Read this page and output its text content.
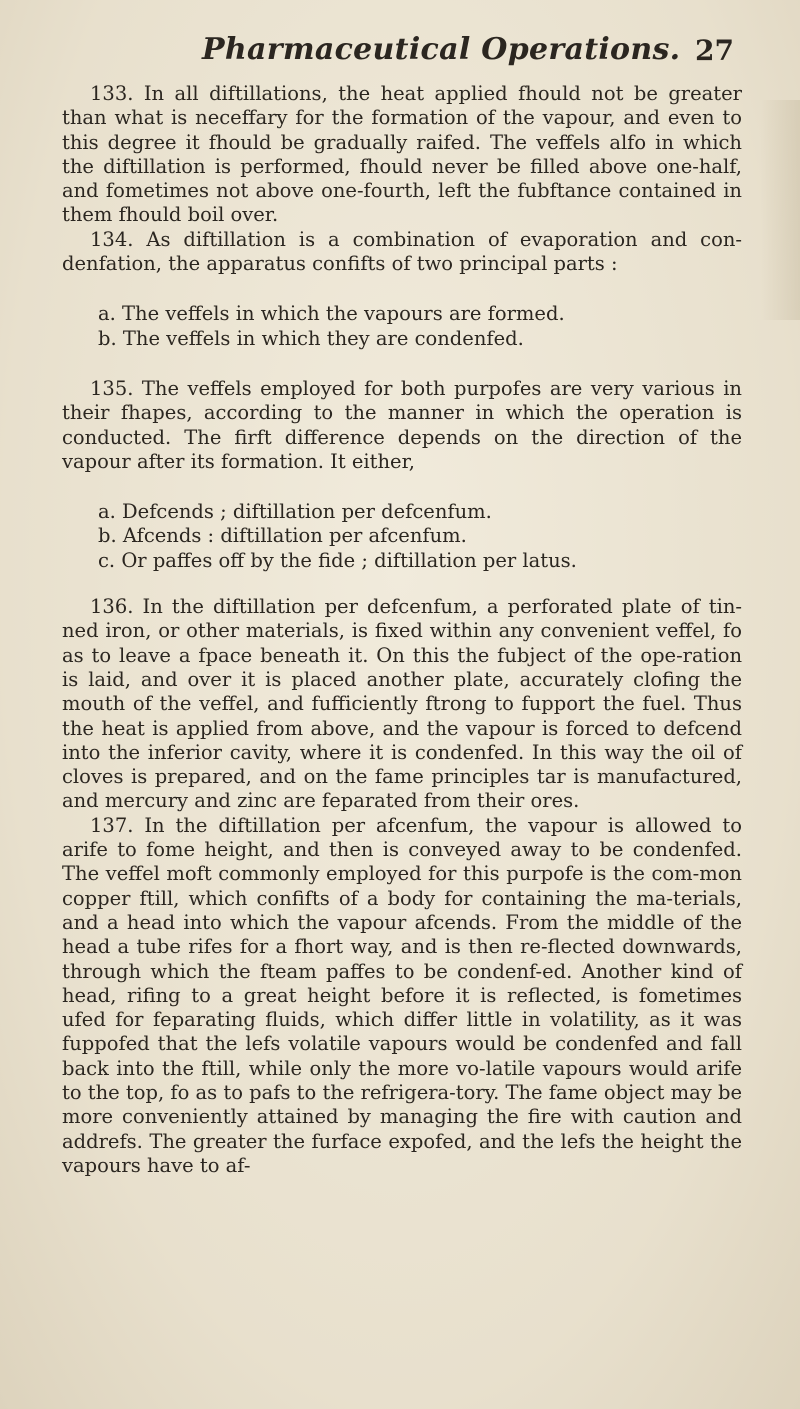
Pharmaceutical Operations. 27

133. In all diftillations, the heat applied fhould not be greater than what is neceffary for the formation of the vapour, and even to this degree it fhould be gradually raifed. The veffels alfo in which the diftillation is performed, fhould never be filled above one-half, and fometimes not above one-fourth, left the fubftance contained in them fhould boil over.

134. As diftillation is a combination of evaporation and con-denfation, the apparatus confifts of two principal parts :

a. The veffels in which the vapours are formed.
b. The veffels in which they are condenfed.

135. The veffels employed for both purpofes are very various in their fhapes, according to the manner in which the operation is conducted. The firft difference depends on the direction of the vapour after its formation. It either,

a. Defcends ; diftillation per defcenfum.
b. Afcends : diftillation per afcenfum.
c. Or paffes off by the fide ; diftillation per latus.

136. In the diftillation per defcenfum, a perforated plate of tin-ned iron, or other materials, is fixed within any convenient veffel, fo as to leave a fpace beneath it. On this the fubject of the ope-ration is laid, and over it is placed another plate, accurately clofing the mouth of the veffel, and fufficiently ftrong to fupport the fuel. Thus the heat is applied from above, and the vapour is forced to defcend into the inferior cavity, where it is condenfed. In this way the oil of cloves is prepared, and on the fame principles tar is manufactured, and mercury and zinc are feparated from their ores.

137. In the diftillation per afcenfum, the vapour is allowed to arife to fome height, and then is conveyed away to be condenfed. The veffel moft commonly employed for this purpofe is the com-mon copper ftill, which confifts of a body for containing the ma-terials, and a head into which the vapour afcends. From the middle of the head a tube rifes for a fhort way, and is then re-flected downwards, through which the fteam paffes to be condenf-ed. Another kind of head, rifing to a great height before it is reflected, is fometimes ufed for feparating fluids, which differ little in volatility, as it was fuppofed that the lefs volatile vapours would be condenfed and fall back into the ftill, while only the more vo-latile vapours would arife to the top, fo as to pafs to the refrigera-tory. The fame object may be more conveniently attained by managing the fire with caution and addrefs. The greater the furface expofed, and the lefs the height the vapours have to af-
